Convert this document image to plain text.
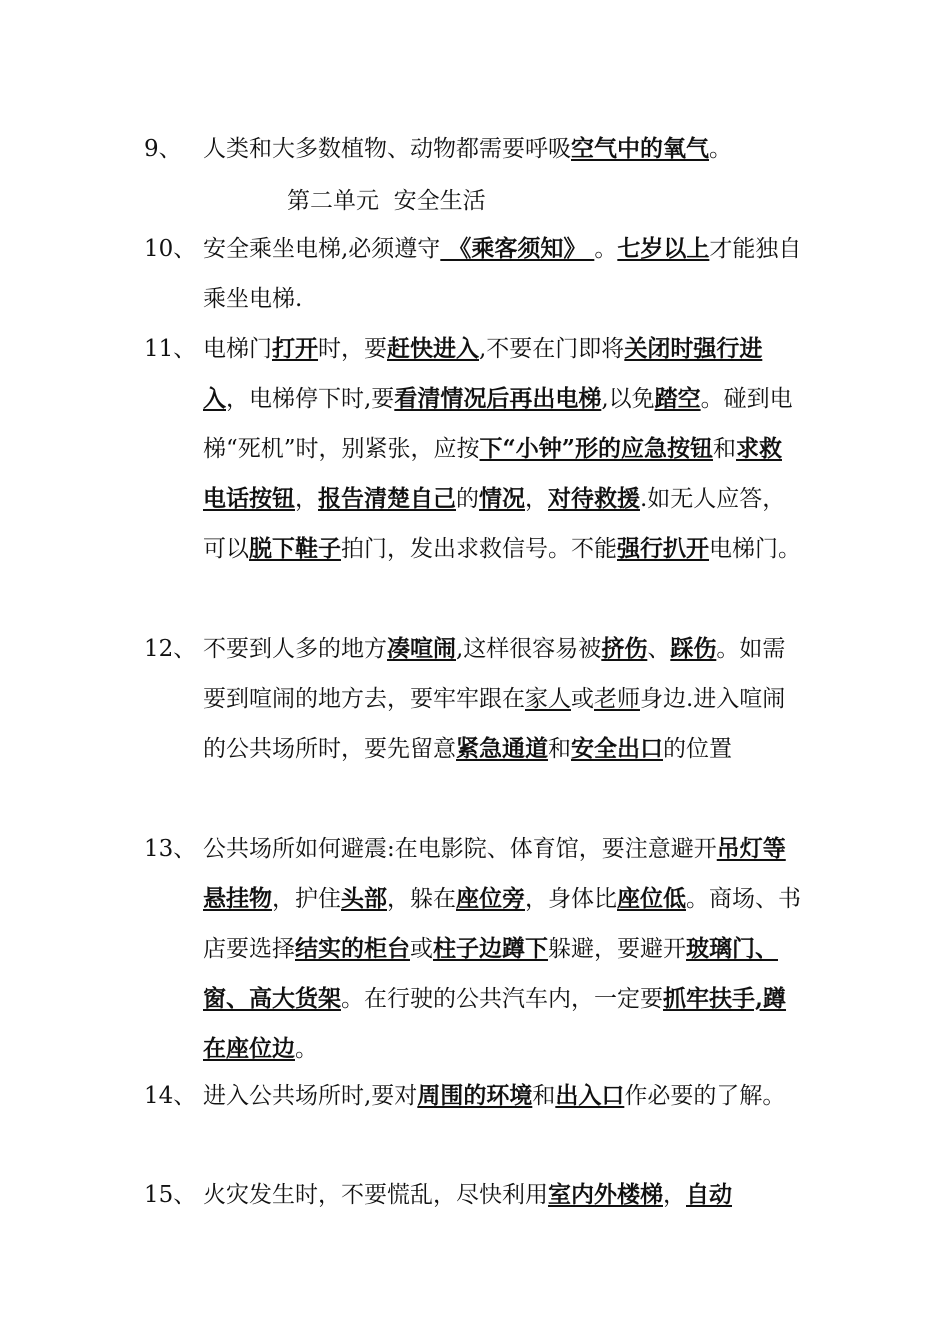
9、 人类和大多数植物、动物都需要呼吸空气中的氧气。
第二单元  安全生活
10、 安全乘坐电梯,必须遵守 《乘客须知》 。七岁以上才能独自乘坐电梯.
11、 电梯门打开时，要赶快进入,不要在门即将关闭时强行进入，电梯停下时,要看清情况后再出电梯,以免踏空。碰到电梯“死机”时，别紧张，应按下“小钟”形的应急按钮和求救电话按钮，报告清楚自己的情况，对待救援.如无人应答，可以脱下鞋子拍门，发出求救信号。不能强行扒开电梯门。
12、 不要到人多的地方凑喧闹,这样很容易被挤伤、踩伤。如需要到喧闹的地方去，要牢牢跟在家人或老师身边.进入喧闹的公共场所时，要先留意紧急通道和安全出口的位置
13、 公共场所如何避震:在电影院、体育馆，要注意避开吊灯等悬挂物，护住头部，躲在座位旁，身体比座位低。商场、书店要选择结实的柜台或柱子边蹲下躲避，要避开玻璃门、窗、高大货架。在行驶的公共汽车内，一定要抓牢扶手,蹲在座位边。
14、 进入公共场所时,要对周围的环境和出入口作必要的了解。
15、 火灾发生时，不要慌乱，尽快利用室内外楼梯，自动
